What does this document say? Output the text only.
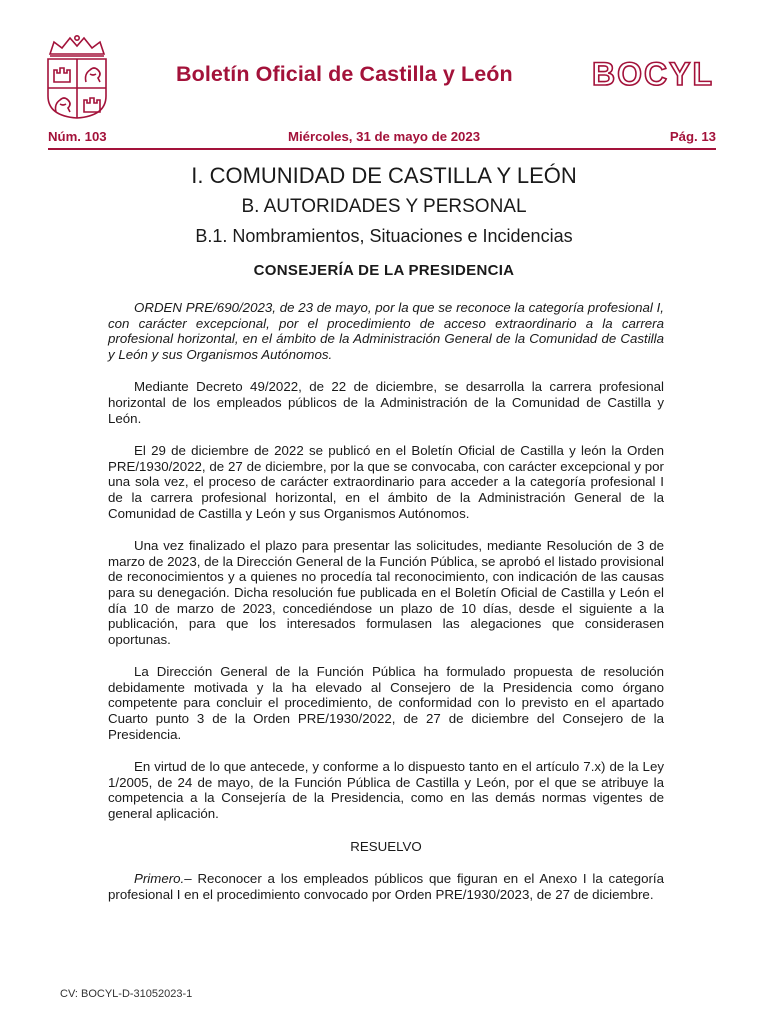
Boletín Oficial de Castilla y León BOCYL
Núm. 103	Miércoles, 31 de mayo de 2023	Pág. 13
I. COMUNIDAD DE CASTILLA Y LEÓN
B. AUTORIDADES Y PERSONAL
B.1. Nombramientos, Situaciones e Incidencias
CONSEJERÍA DE LA PRESIDENCIA

ORDEN PRE/690/2023, de 23 de mayo, por la que se reconoce la categoría profesional I, con carácter excepcional, por el procedimiento de acceso extraordinario a la carrera profesional horizontal, en el ámbito de la Administración General de la Comunidad de Castilla y León y sus Organismos Autónomos.

Mediante Decreto 49/2022, de 22 de diciembre, se desarrolla la carrera profesional horizontal de los empleados públicos de la Administración de la Comunidad de Castilla y León.

El 29 de diciembre de 2022 se publicó en el Boletín Oficial de Castilla y león la Orden PRE/1930/2022, de 27 de diciembre, por la que se convocaba, con carácter excepcional y por una sola vez, el proceso de carácter extraordinario para acceder a la categoría profesional I de la carrera profesional horizontal, en el ámbito de la Administración General de la Comunidad de Castilla y León y sus Organismos Autónomos.

Una vez finalizado el plazo para presentar las solicitudes, mediante Resolución de 3 de marzo de 2023, de la Dirección General de la Función Pública, se aprobó el listado provisional de reconocimientos y a quienes no procedía tal reconocimiento, con indicación de las causas para su denegación. Dicha resolución fue publicada en el Boletín Oficial de Castilla y León el día 10 de marzo de 2023, concediéndose un plazo de 10 días, desde el siguiente a la publicación, para que los interesados formulasen las alegaciones que considerasen oportunas.

La Dirección General de la Función Pública ha formulado propuesta de resolución debidamente motivada y la ha elevado al Consejero de la Presidencia como órgano competente para concluir el procedimiento, de conformidad con lo previsto en el apartado Cuarto punto 3 de la Orden PRE/1930/2022, de 27 de diciembre del Consejero de la Presidencia.

En virtud de lo que antecede, y conforme a lo dispuesto tanto en el artículo 7.x) de la Ley 1/2005, de 24 de mayo, de la Función Pública de Castilla y León, por el que se atribuye la competencia a la Consejería de la Presidencia, como en las demás normas vigentes de general aplicación.

RESUELVO

Primero.– Reconocer a los empleados públicos que figuran en el Anexo I la categoría profesional I en el procedimiento convocado por Orden PRE/1930/2023, de 27 de diciembre.

CV: BOCYL-D-31052023-1
